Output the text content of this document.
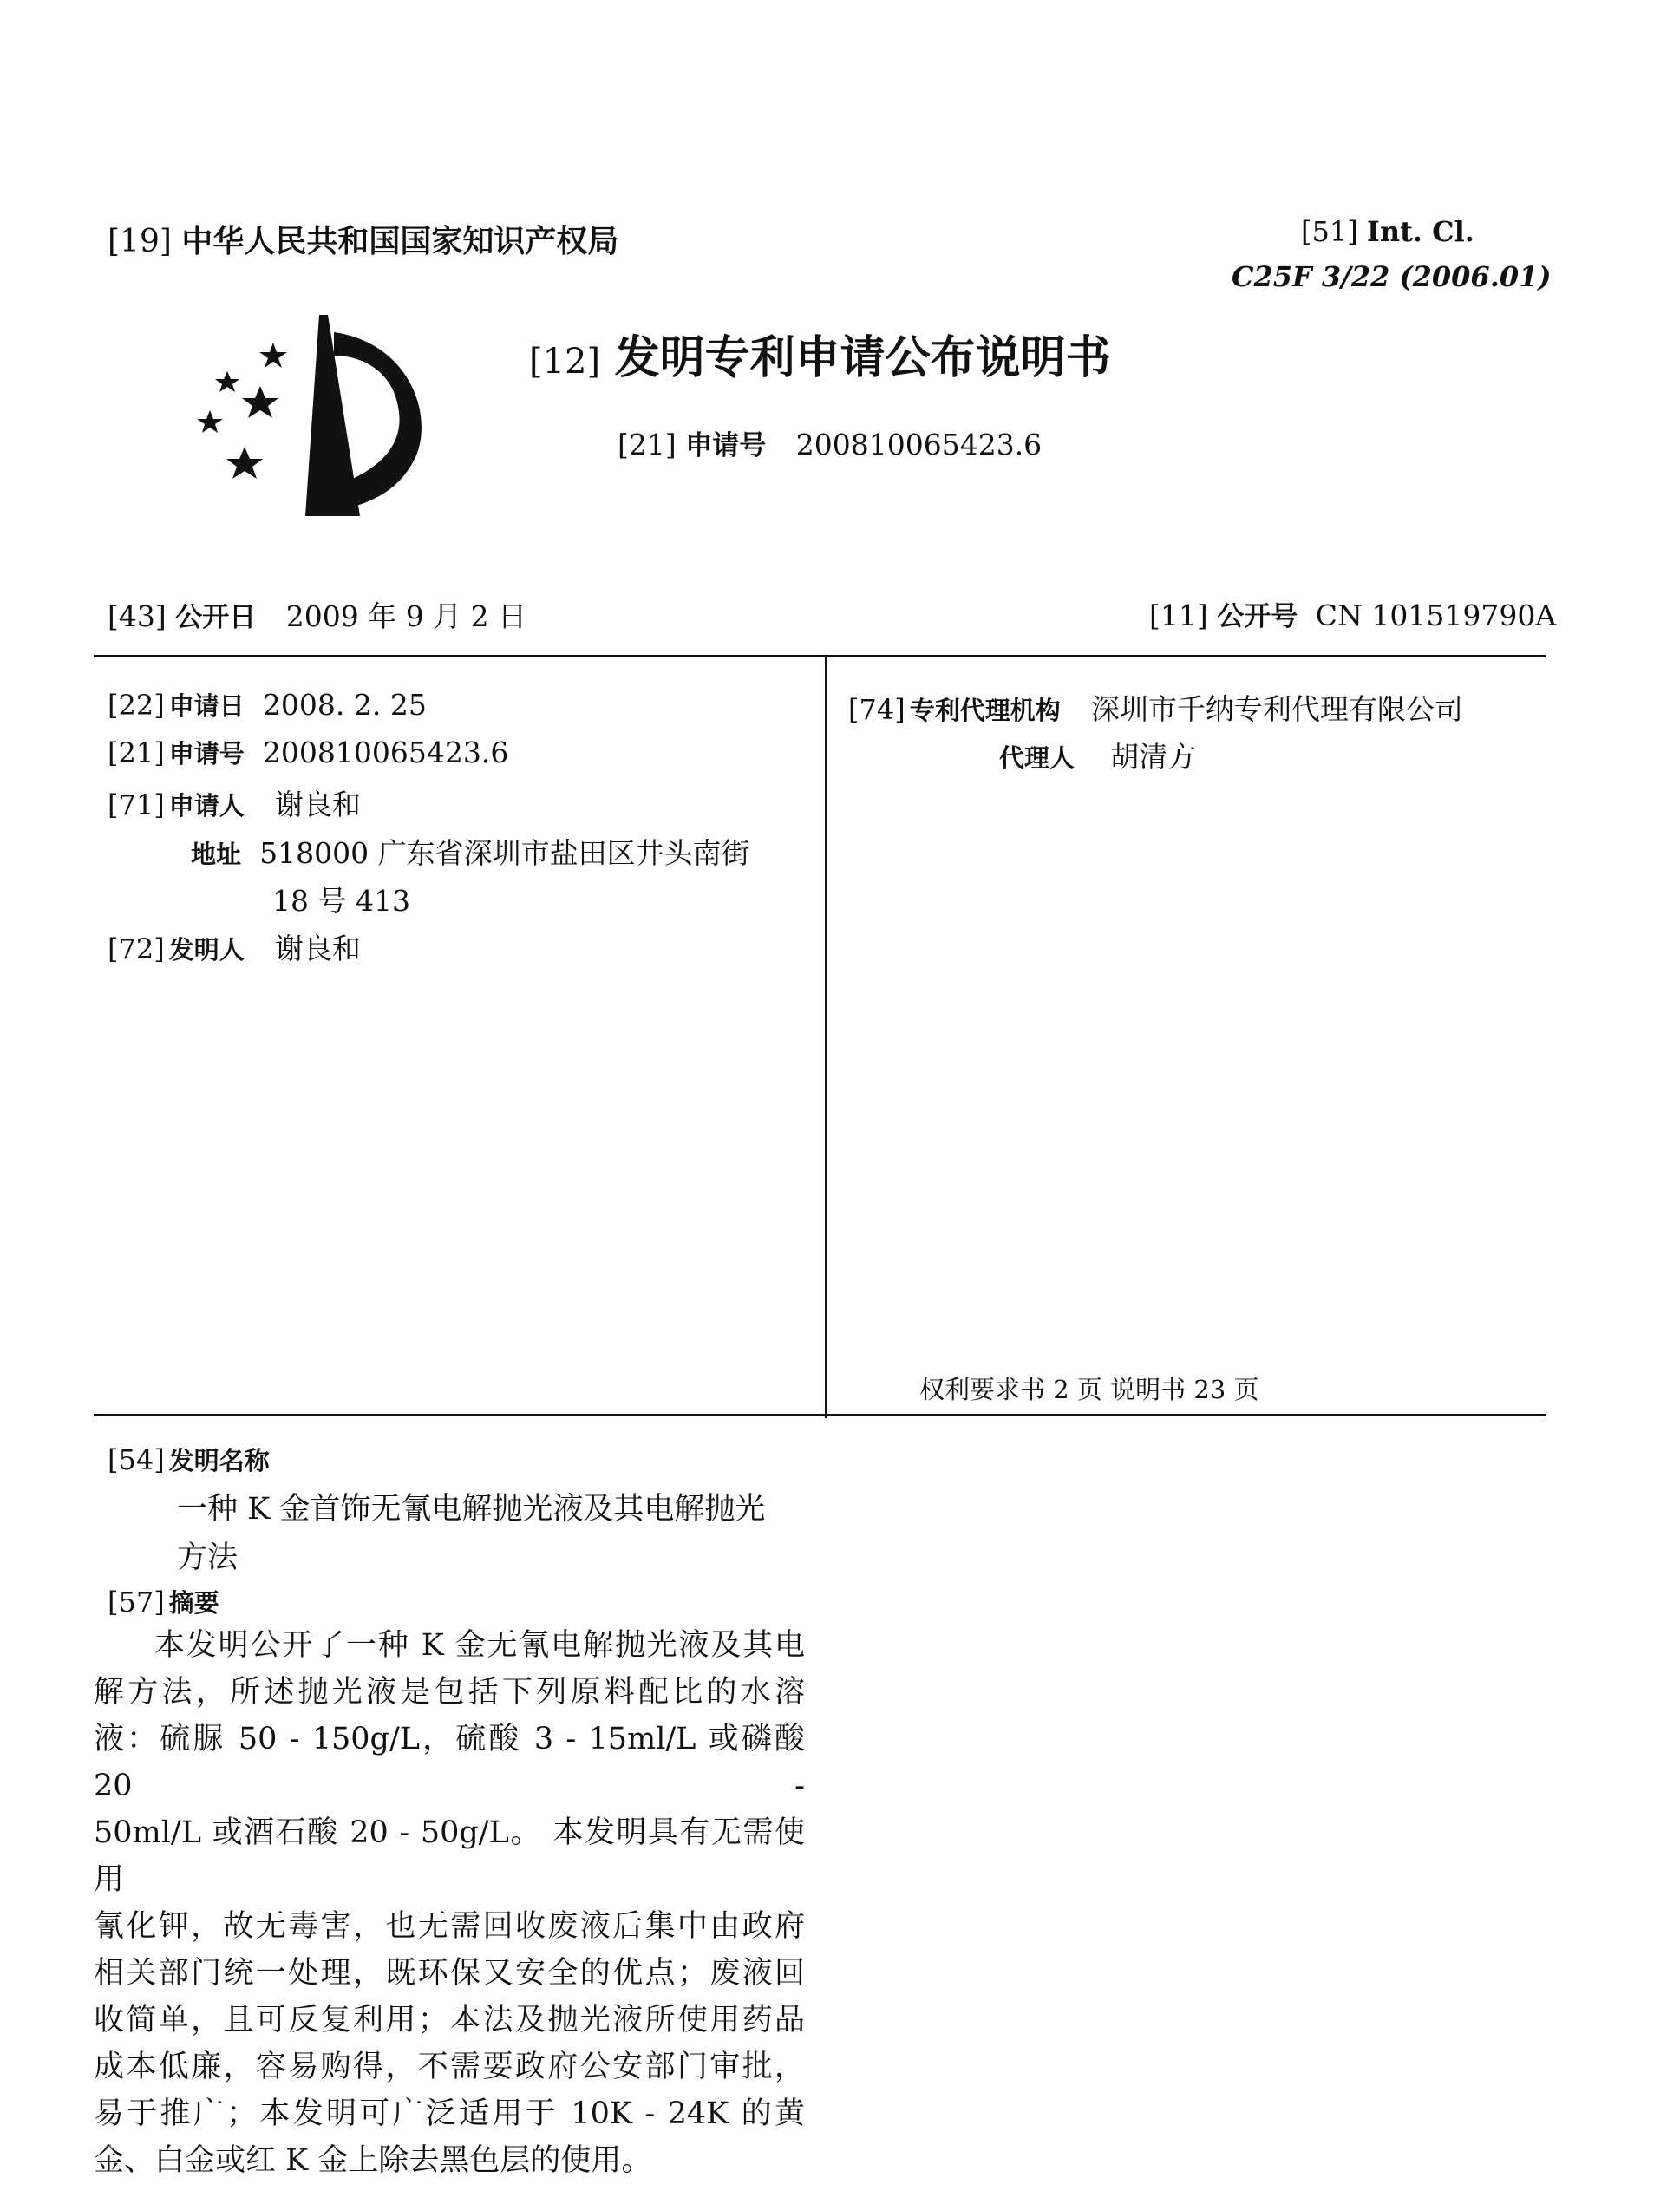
[19] 中华人民共和国国家知识产权局	[51] Int. Cl.
C25F 3/22 (2006.01)
[12] 发明专利申请公布说明书
[21] 申请号 200810065423.6
[43] 公开日 2009 年 9 月 2 日	[11] 公开号 CN 101519790A
[22] 申请日 2008. 2. 25
[21] 申请号 200810065423.6
[71] 申请人 谢良和
地址 518000 广东省深圳市盐田区井头南街
18 号 413
[72] 发明人 谢良和
[74] 专利代理机构 深圳市千纳专利代理有限公司
代理人 胡清方
权利要求书 2 页 说明书 23 页
[54] 发明名称
一种 K 金首饰无氰电解抛光液及其电解抛光
方法
[57] 摘要

本发明公开了一种 K 金无氰电解抛光液及其电

解方法，所述抛光液是包括下列原料配比的水溶

液：硫脲 50 - 150g/L，硫酸 3 - 15ml/L 或磷酸 20 -

50ml/L 或酒石酸 20 - 50g/L。 本发明具有无需使用

氰化钾，故无毒害，也无需回收废液后集中由政府

相关部门统一处理，既环保又安全的优点；废液回

收简单，且可反复利用；本法及抛光液所使用药品

成本低廉，容易购得，不需要政府公安部门审批，

易于推广；本发明可广泛适用于 10K - 24K 的黄

金、白金或红 K 金上除去黑色层的使用。
